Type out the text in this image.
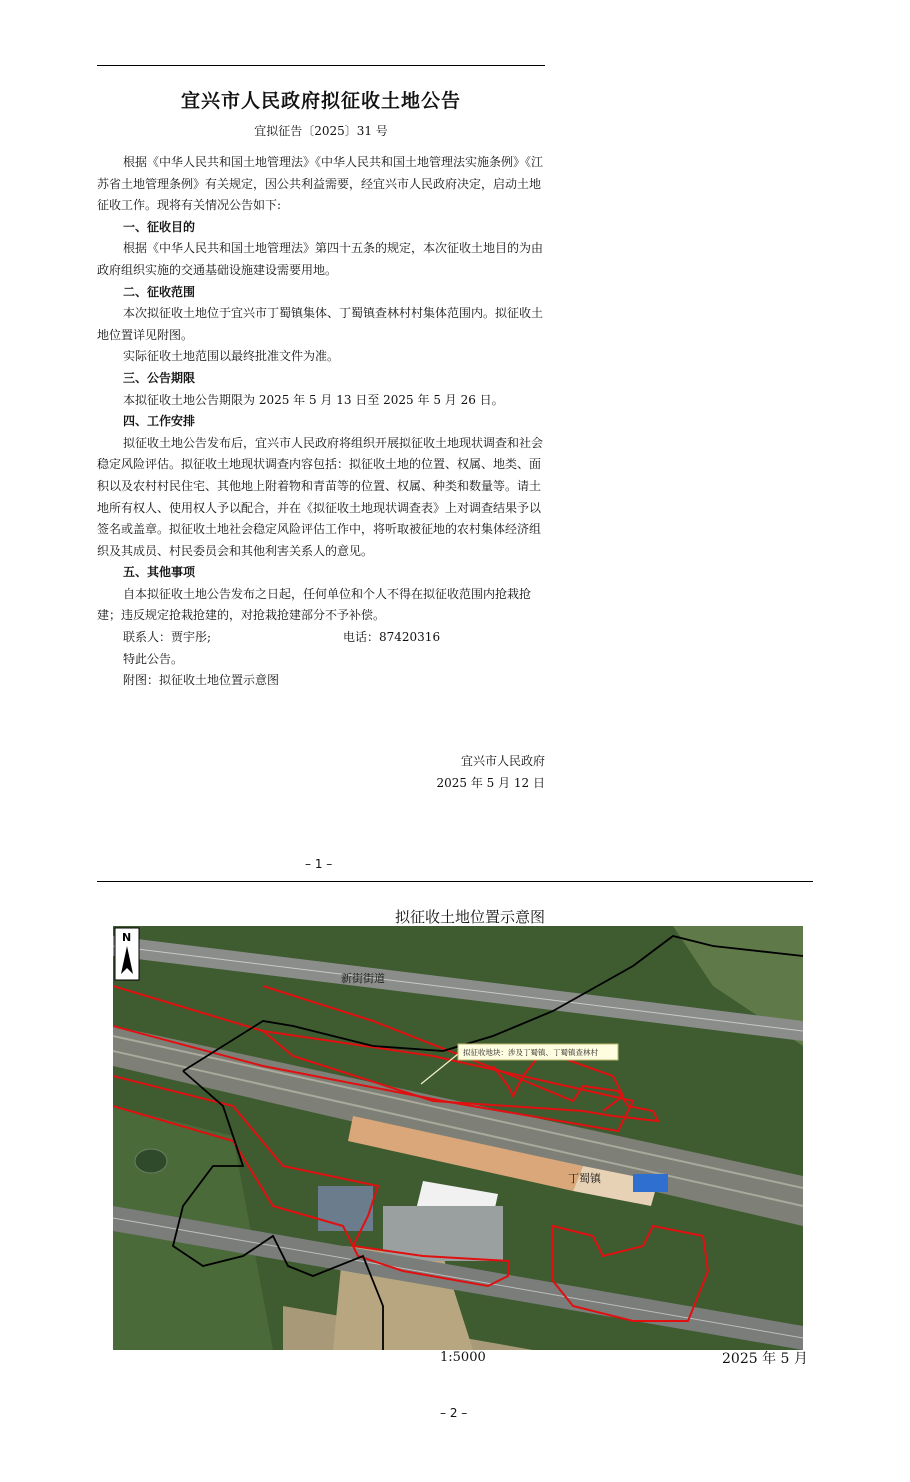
宜兴市人民政府拟征收土地公告
宜拟征告〔2025〕31 号

根据《中华人民共和国土地管理法》《中华人民共和国土地管理法实施条例》《江苏省土地管理条例》有关规定，因公共利益需要，经宜兴市人民政府决定，启动土地征收工作。现将有关情况公告如下:

一、征收目的

根据《中华人民共和国土地管理法》第四十五条的规定，本次征收土地目的为由政府组织实施的交通基础设施建设需要用地。

二、征收范围

本次拟征收土地位于宜兴市丁蜀镇集体、丁蜀镇查林村村集体范围内。拟征收土地位置详见附图。

实际征收土地范围以最终批准文件为准。

三、公告期限

本拟征收土地公告期限为 2025 年 5 月 13 日至 2025 年 5 月 26 日。

四、工作安排

拟征收土地公告发布后，宜兴市人民政府将组织开展拟征收土地现状调查和社会稳定风险评估。拟征收土地现状调查内容包括：拟征收土地的位置、权属、地类、面积以及农村村民住宅、其他地上附着物和青苗等的位置、权属、种类和数量等。请土地所有权人、使用权人予以配合，并在《拟征收土地现状调查表》上对调查结果予以签名或盖章。拟征收土地社会稳定风险评估工作中，将听取被征地的农村集体经济组织及其成员、村民委员会和其他利害关系人的意见。

五、其他事项

自本拟征收土地公告发布之日起，任何单位和个人不得在拟征收范围内抢栽抢建；违反规定抢栽抢建的，对抢栽抢建部分不予补偿。

联系人：贾宇彤;	电话：87420316

特此公告。

附图：拟征收土地位置示意图

宜兴市人民政府
2025 年 5 月 12 日
– 1 –
拟征收土地位置示意图
拟征收地块：涉及丁蜀镇、丁蜀镇查林村
新街街道
丁蜀镇
N
1:5000	2025 年 5 月
– 2 –
